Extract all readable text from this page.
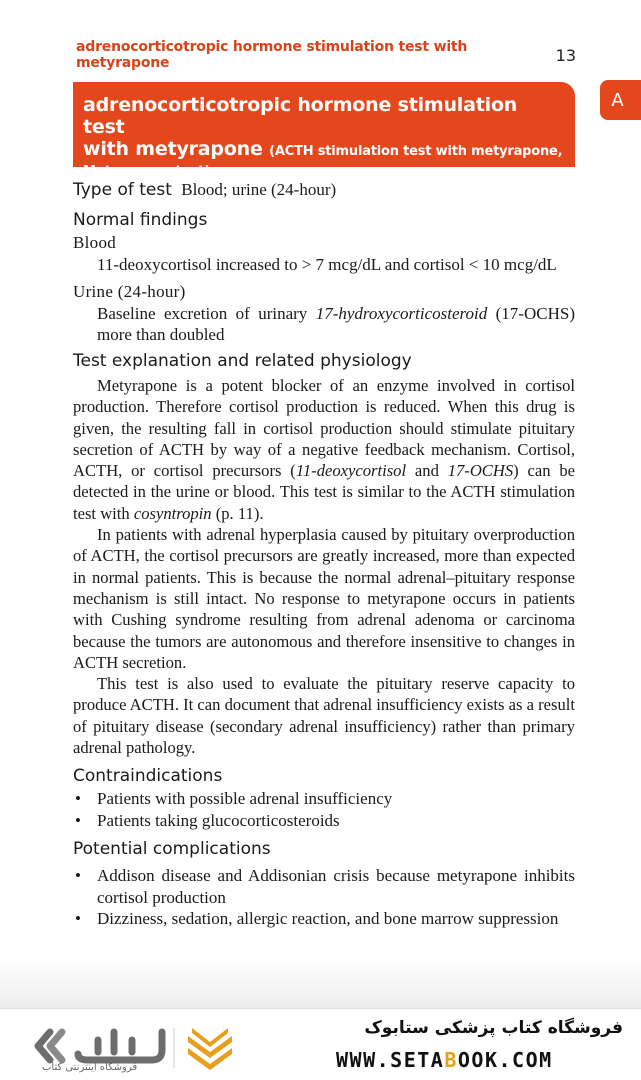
adrenocorticotropic hormone stimulation test with metyrapone	13
A
adrenocorticotropic hormone stimulation test
with metyrapone (ACTH stimulation test with metyrapone,
Metyrapone test)
Type of test Blood; urine (24-hour)
Normal findings
Blood

11-deoxycortisol increased to > 7 mcg/dL and cortisol < 10 mcg/dL

Urine (24-hour)

Baseline excretion of urinary 17-hydroxycorticosteroid (17-OCHS) more than doubled

Test explanation and related physiology

Metyrapone is a potent blocker of an enzyme involved in cortisol production. Therefore cortisol production is reduced. When this drug is given, the resulting fall in cortisol production should stimulate pituitary secretion of ACTH by way of a negative feedback mechanism. Cortisol, ACTH, or cortisol precursors (11-deoxycortisol and 17-OCHS) can be detected in the urine or blood. This test is similar to the ACTH stimulation test with cosyntropin (p. 11).

In patients with adrenal hyperplasia caused by pituitary overproduction of ACTH, the cortisol precursors are greatly increased, more than expected in normal patients. This is because the normal adrenal–pituitary response mechanism is still intact. No response to metyrapone occurs in patients with Cushing syndrome resulting from adrenal adenoma or carcinoma because the tumors are autonomous and therefore insensitive to changes in ACTH secretion.

This test is also used to evaluate the pituitary reserve capacity to produce ACTH. It can document that adrenal insufficiency exists as a result of pituitary disease (secondary adrenal insufficiency) rather than primary adrenal pathology.

Contraindications
• Patients with possible adrenal insufficiency
• Patients taking glucocorticosteroids
Potential complications
• Addison disease and Addisonian crisis because metyrapone inhibits cortisol production
• Dizziness, sedation, allergic reaction, and bone marrow suppression
فروشگاه اینترنتی کتاب
فروشگاه کتاب پزشکی ستابوک
WWW.SETABOOK.COM
